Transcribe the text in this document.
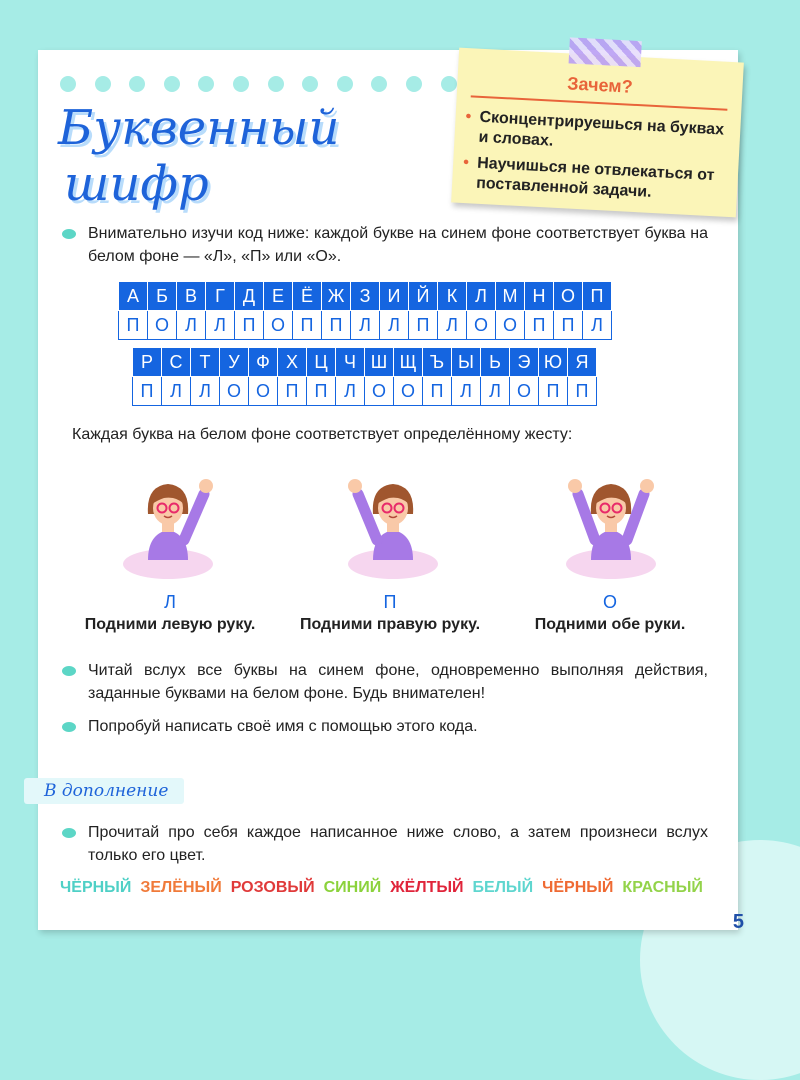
Буквенный
шифр
Внимательно изучи код ниже: каждой букве на синем фоне соответствует буква на белом фоне — «Л», «П» или «О».
А	Б	В	Г	Д	Е	Ё	Ж	З	И	Й	К	Л	М	Н	О	П
П	О	Л	Л	П	О	П	П	Л	Л	П	Л	О	О	П	П	Л
Р	С	Т	У	Ф	Х	Ц	Ч	Ш	Щ	Ъ	Ы	Ь	Э	Ю	Я
П	Л	Л	О	О	П	П	Л	О	О	П	Л	Л	О	П	П
Каждая буква на белом фоне соответствует определённому жесту:
Л	П	О
Подними левую руку.	Подними правую руку.	Подними обе руки.
Читай вслух все буквы на синем фоне, одновременно выполняя действия, заданные буквами на белом фоне. Будь внимателен!
Попробуй написать своё имя с помощью этого кода.
В дополнение
Прочитай про себя каждое написанное ниже слово, а затем произнеси вслух только его цвет.
ЧЁРНЫЙ ЗЕЛЁНЫЙ РОЗОВЫЙ СИНИЙ ЖЁЛТЫЙ БЕЛЫЙ ЧЁРНЫЙ КРАСНЫЙ
Зачем?
• Сконцентрируешься на буквах и словах.
• Научишься не отвлекаться от поставленной задачи.
5
